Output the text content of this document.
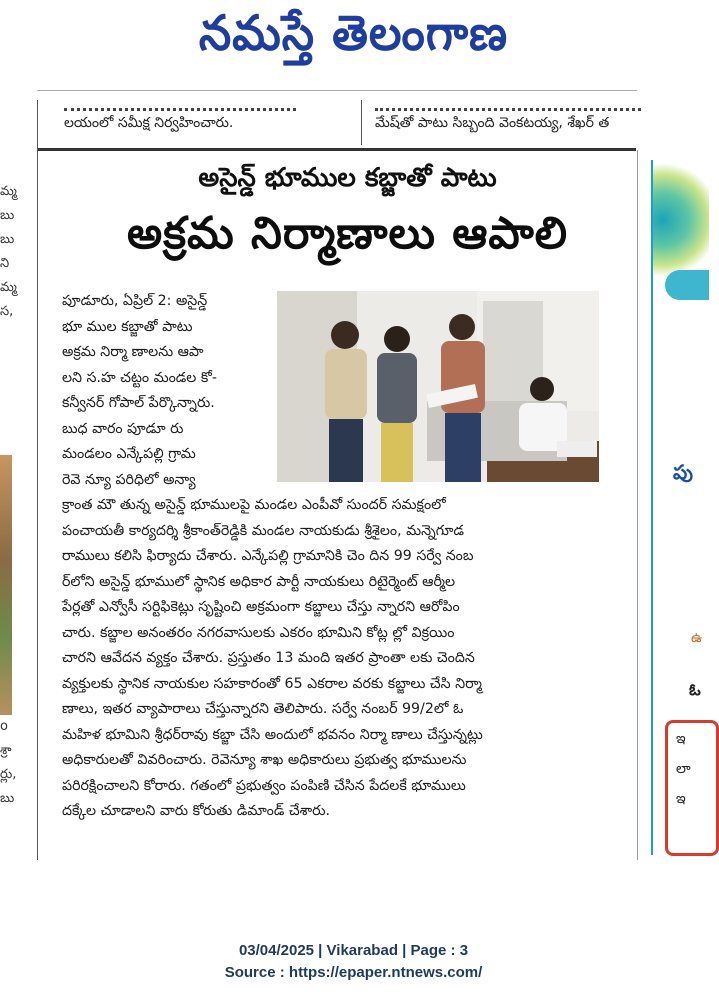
నమస్తే తెలంగాణ
లయంలో సమీక్ష నిర్వహించారు.	మేష్‌తో పాటు సిబ్బంది వెంకటయ్య, శేఖర్ త
మ్మ
బు
బు
ని
మ్మ
స,
o
శ్రా
ర్లు,
బు
అసైన్డ్ భూముల కబ్జాతో పాటు
అక్రమ నిర్మాణాలు ఆపాలి
పూడూరు, ఏప్రిల్ 2: అసైన్డ్
భూ ముల కబ్జాతో పాటు
అక్రమ నిర్మా ణాలను ఆపా
లని స.హ చట్టం మండల కో-
కన్వీనర్ గోపాల్ పేర్కొన్నారు.
బుధ వారం పూడూ రు
మండలం ఎన్కేపల్లి గ్రామ
రెవె న్యూ పరిధిలో అన్యా
క్రాంత మౌ తున్న అసైన్డ్ భూములపై మండల ఎంపీవో సుందర్ సమక్షంలో
పంచాయతీ కార్యదర్శి శ్రీకాంత్‌రెడ్డికి మండల నాయకుడు శ్రీశైలం, మన్నెగూడ
రాములు కలిసి ఫిర్యాదు చేశారు. ఎన్కేపల్లి గ్రామానికి చెం దిన 99 సర్వే నంబ
ర్‌లోని అసైన్డ్ భూములో స్థానిక అధికార పార్టీ నాయకులు రిటైర్మెంట్ ఆర్మీల
పేర్లతో ఎన్వోసీ సర్టిఫికెట్లు సృష్టించి అక్రమంగా కబ్జాలు చేస్తు న్నారని ఆరోపిం
చారు. కబ్జాల అనంతరం నగరవాసులకు ఎకరం భూమిని కోట్ల ల్లో విక్రయిం
చారని ఆవేదన వ్యక్తం చేశారు. ప్రస్తుతం 13 మంది ఇతర ప్రాంతా లకు చెందిన
వ్యక్తులకు స్థానిక నాయకుల సహకారంతో 65 ఎకరాల వరకు కబ్జాలు చేసి నిర్మా
ణాలు, ఇతర వ్యాపారాలు చేస్తున్నారని తెలిపారు. సర్వే నంబర్ 99/2లో ఓ
మహిళ భూమిని శ్రీధర్‌రావు కబ్జా చేసి అందులో భవనం నిర్మా ణాలు చేస్తున్నట్లు
అధికారులతో వివరించారు. రెవెన్యూ శాఖ అధికారులు ప్రభుత్వ భూములను
పరిరక్షించాలని కోరారు. గతంలో ప్రభుత్వం పంపిణి చేసిన పేదలకే భూములు
దక్కేల చూడాలని వారు కోరుతు డిమాండ్ చేశారు.
పు
ఉ
ఓ
ఇ
లా
ఇ
03/04/2025 | Vikarabad | Page : 3
Source : https://epaper.ntnews.com/
